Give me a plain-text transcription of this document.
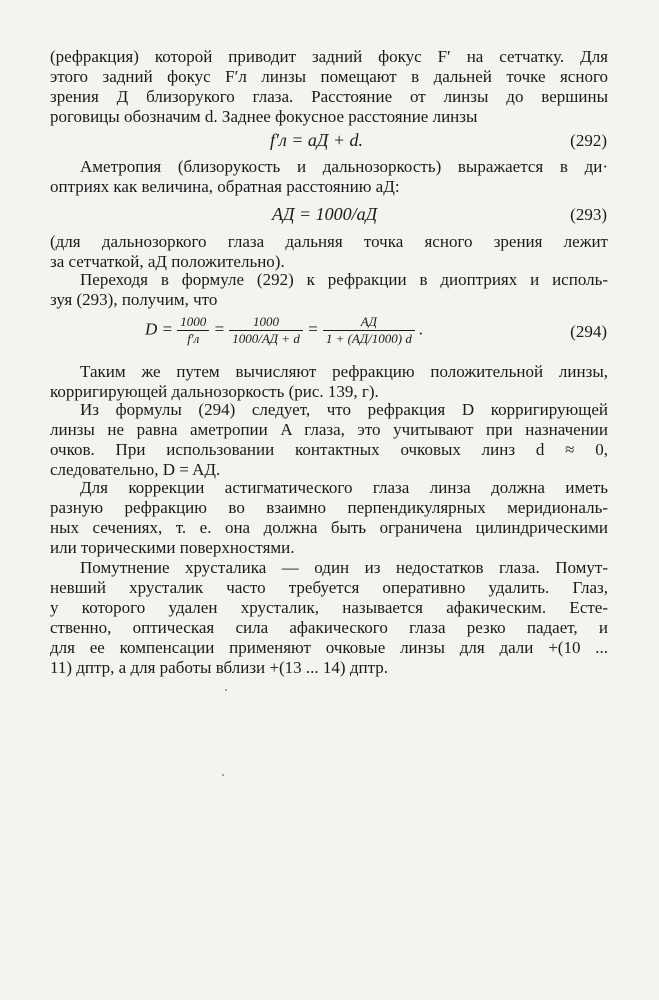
(рефракция) которой приводит задний фокус F′ на сетчатку. Для
этого задний фокус F′л линзы помещают в дальней точке ясного
зрения Д близорукого глаза. Расстояние от линзы до вершины
роговицы обозначим d. Заднее фокусное расстояние линзы
f′л = aД + d.	(292)
Аметропия (близорукость и дальнозоркость) выражается в ди·
оптриях как величина, обратная расстоянию aД:
AД = 1000/aД	(293)
(для дальнозоркого глаза дальняя точка ясного зрения лежит
за сетчаткой, aД положительно).
Переходя в формуле (292) к рефракции в диоптриях и исполь-
зуя (293), получим, что
$D = \frac{1000}{f'л} = \frac{1000}{1000/AД + d} = \frac{AД}{1 + (AД/1000) d}$ .	(294)
Таким же путем вычисляют рефракцию положительной линзы,
корригирующей дальнозоркость (рис. 139, г).
Из формулы (294) следует, что рефракция D корригирующей
линзы не равна аметропии A глаза, это учитывают при назначении
очков. При использовании контактных очковых линз d ≈ 0,
следовательно, D = AД.
Для коррекции астигматического глаза линза должна иметь
разную рефракцию во взаимно перпендикулярных меридиональ-
ных сечениях, т. е. она должна быть ограничена цилиндрическими
или торическими поверхностями.
Помутнение хрусталика — один из недостатков глаза. Помут-
невший хрусталик часто требуется оперативно удалить. Глаз,
у которого удален хрусталик, называется афакическим. Есте-
ственно, оптическая сила афакического глаза резко падает, и
для ее компенсации применяют очковые линзы для дали +(10 ...
11) дптр, а для работы вблизи +(13 ... 14) дптр.
